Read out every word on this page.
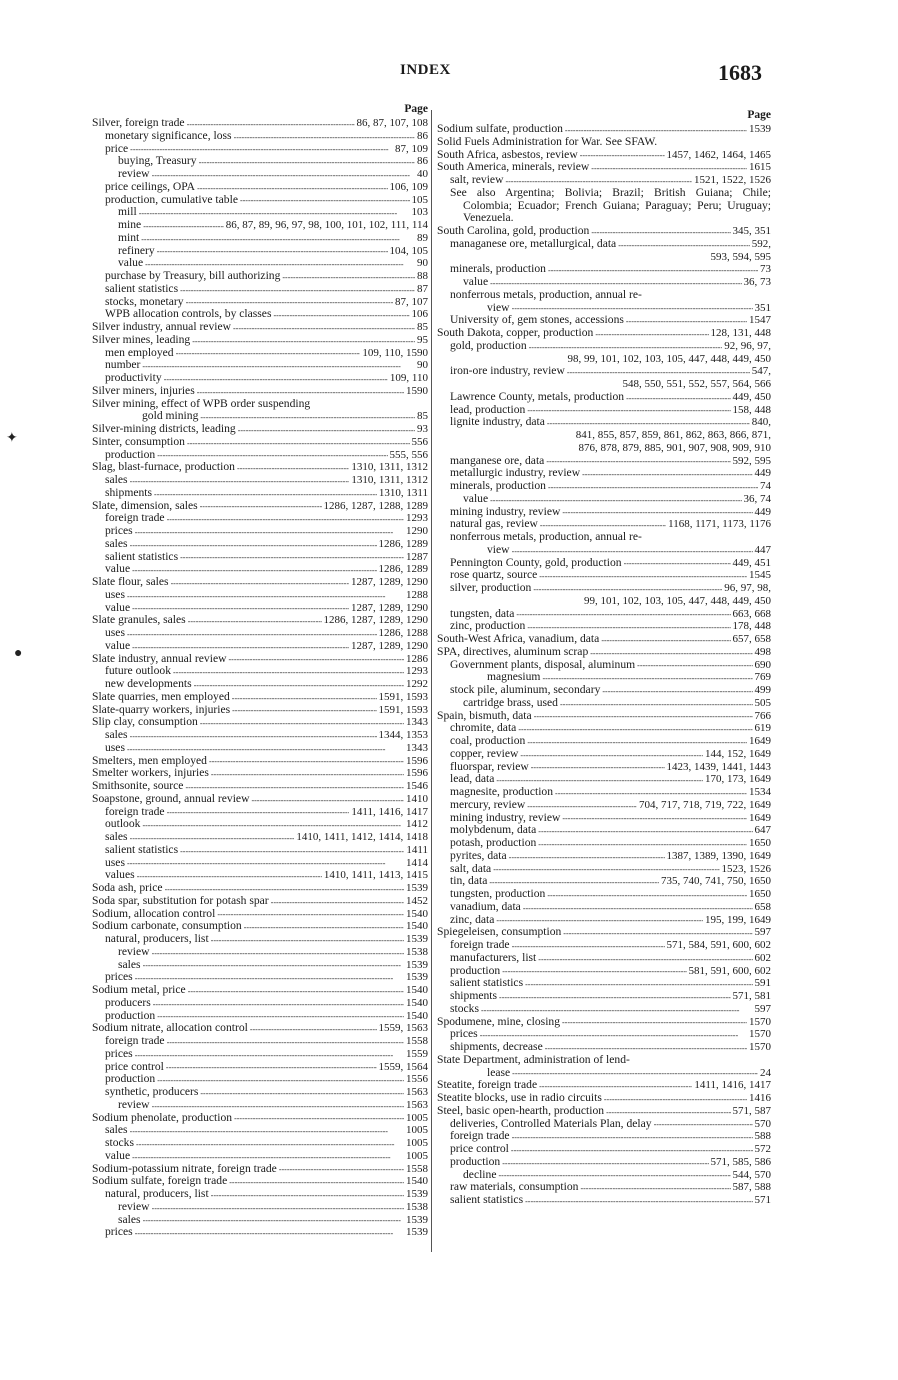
INDEX	1683
Page
Silver, foreign trade - - -	86, 87, 107, 108
monetary significance, loss - - -	86
price - - -	87, 109
buying, Treasury - - -	86
review - - -	40
price ceilings, OPA - - -	106, 109
production, cumulative table - - -	105
mill - - -	103
mine - - -	86, 87, 89, 96, 97, 98, 100, 101, 102, 111, 114
mint - - -	89
refinery - - -	104, 105
value - - -	90
purchase by Treasury, bill authorizing - - -	88
salient statistics - - -	87
stocks, monetary - - -	87, 107
WPB allocation controls, by classes - - -	106
Silver industry, annual review - - -	85
Silver mines, leading - - -	95
men employed - - -	109, 110, 1590
number - - -	90
productivity - - -	109, 110
Silver miners, injuries - - -	1590
Silver mining, effect of WPB order suspending
gold mining - - -	85
Silver-mining districts, leading - - -	93
Sinter, consumption - - -	556
production - - -	555, 556
Slag, blast-furnace, production - - -	1310, 1311, 1312
sales - - -	1310, 1311, 1312
shipments - - -	1310, 1311
Slate, dimension, sales - - -	1286, 1287, 1288, 1289
foreign trade - - -	1293
prices - - -	1290
sales - - -	1286, 1289
salient statistics - - -	1287
value - - -	1286, 1289
Slate flour, sales - - -	1287, 1289, 1290
uses - - -	1288
value - - -	1287, 1289, 1290
Slate granules, sales - - -	1286, 1287, 1289, 1290
uses - - -	1286, 1288
value - - -	1287, 1289, 1290
Slate industry, annual review - - -	1286
future outlook - - -	1293
new developments - - -	1292
Slate quarries, men employed - - -	1591, 1593
Slate-quarry workers, injuries - - -	1591, 1593
Slip clay, consumption - - -	1343
sales - - -	1344, 1353
uses - - -	1343
Smelters, men employed - - -	1596
Smelter workers, injuries - - -	1596
Smithsonite, source - - -	1546
Soapstone, ground, annual review - - -	1410
foreign trade - - -	1411, 1416, 1417
outlook - - -	1412
sales - - -	1410, 1411, 1412, 1414, 1418
salient statistics - - -	1411
uses - - -	1414
values - - -	1410, 1411, 1413, 1415
Soda ash, price - - -	1539
Soda spar, substitution for potash spar - - -	1452
Sodium, allocation control - - -	1540
Sodium carbonate, consumption - - -	1540
natural, producers, list - - -	1539
review - - -	1538
sales - - -	1539
prices - - -	1539
Sodium metal, price - - -	1540
producers - - -	1540
production - - -	1540
Sodium nitrate, allocation control - - -	1559, 1563
foreign trade - - -	1558
prices - - -	1559
price control - - -	1559, 1564
production - - -	1556
synthetic, producers - - -	1563
review - - -	1563
Sodium phenolate, production - - -	1005
sales - - -	1005
stocks - - -	1005
value - - -	1005
Sodium-potassium nitrate, foreign trade - - -	1558
Sodium sulfate, foreign trade - - -	1540
natural, producers, list - - -	1539
review - - -	1538
sales - - -	1539
prices - - -	1539
Page
Sodium sulfate, production - - -	1539
Solid Fuels Administration for War. See SFAW.
South Africa, asbestos, review - - -	1457, 1462, 1464, 1465
South America, minerals, review - - -	1615
salt, review - - -	1521, 1522, 1526
See also Argentina; Bolivia; Brazil; British Guiana; Chile; Colombia; Ecuador; French Guiana; Paraguay; Peru; Uruguay; Venezuela.
South Carolina, gold, production - - -	345, 351
managanese ore, metallurgical, data - - -	592,
593, 594, 595
minerals, production - - -	73
value - - -	36, 73
nonferrous metals, production, annual re-
view - - -	351
University of, gem stones, accessions - - -	1547
South Dakota, copper, production - - -	128, 131, 448
gold, production - - -	92, 96, 97,
98, 99, 101, 102, 103, 105, 447, 448, 449, 450
iron-ore industry, review - - -	547,
548, 550, 551, 552, 557, 564, 566
Lawrence County, metals, production - - -	449, 450
lead, production - - -	158, 448
lignite industry, data - - -	840,
841, 855, 857, 859, 861, 862, 863, 866, 871,
876, 878, 879, 885, 901, 907, 908, 909, 910
manganese ore, data - - -	592, 595
metallurgic industry, review - - -	449
minerals, production - - -	74
value - - -	36, 74
mining industry, review - - -	449
natural gas, review - - -	1168, 1171, 1173, 1176
nonferrous metals, production, annual re-
view - - -	447
Pennington County, gold, production - - -	449, 451
rose quartz, source - - -	1545
silver, production - - -	96, 97, 98,
99, 101, 102, 103, 105, 447, 448, 449, 450
tungsten, data - - -	663, 668
zinc, production - - -	178, 448
South-West Africa, vanadium, data - - -	657, 658
SPA, directives, aluminum scrap - - -	498
Government plants, disposal, aluminum - - -	690
magnesium - - -	769
stock pile, aluminum, secondary - - -	499
cartridge brass, used - - -	505
Spain, bismuth, data - - -	766
chromite, data - - -	619
coal, production - - -	1649
copper, review - - -	144, 152, 1649
fluorspar, review - - -	1423, 1439, 1441, 1443
lead, data - - -	170, 173, 1649
magnesite, production - - -	1534
mercury, review - - -	704, 717, 718, 719, 722, 1649
mining industry, review - - -	1649
molybdenum, data - - -	647
potash, production - - -	1650
pyrites, data - - -	1387, 1389, 1390, 1649
salt, data - - -	1523, 1526
tin, data - - -	735, 740, 741, 750, 1650
tungsten, production - - -	1650
vanadium, data - - -	658
zinc, data - - -	195, 199, 1649
Spiegeleisen, consumption - - -	597
foreign trade - - -	571, 584, 591, 600, 602
manufacturers, list - - -	602
production - - -	581, 591, 600, 602
salient statistics - - -	591
shipments - - -	571, 581
stocks - - -	597
Spodumene, mine, closing - - -	1570
prices - - -	1570
shipments, decrease - - -	1570
State Department, administration of lend-
lease - - -	24
Steatite, foreign trade - - -	1411, 1416, 1417
Steatite blocks, use in radio circuits - - -	1416
Steel, basic open-hearth, production - - -	571, 587
deliveries, Controlled Materials Plan, delay - - -	570
foreign trade - - -	588
price control - - -	572
production - - -	571, 585, 586
decline - - -	544, 570
raw materials, consumption - - -	587, 588
salient statistics - - -	571
✦
●
